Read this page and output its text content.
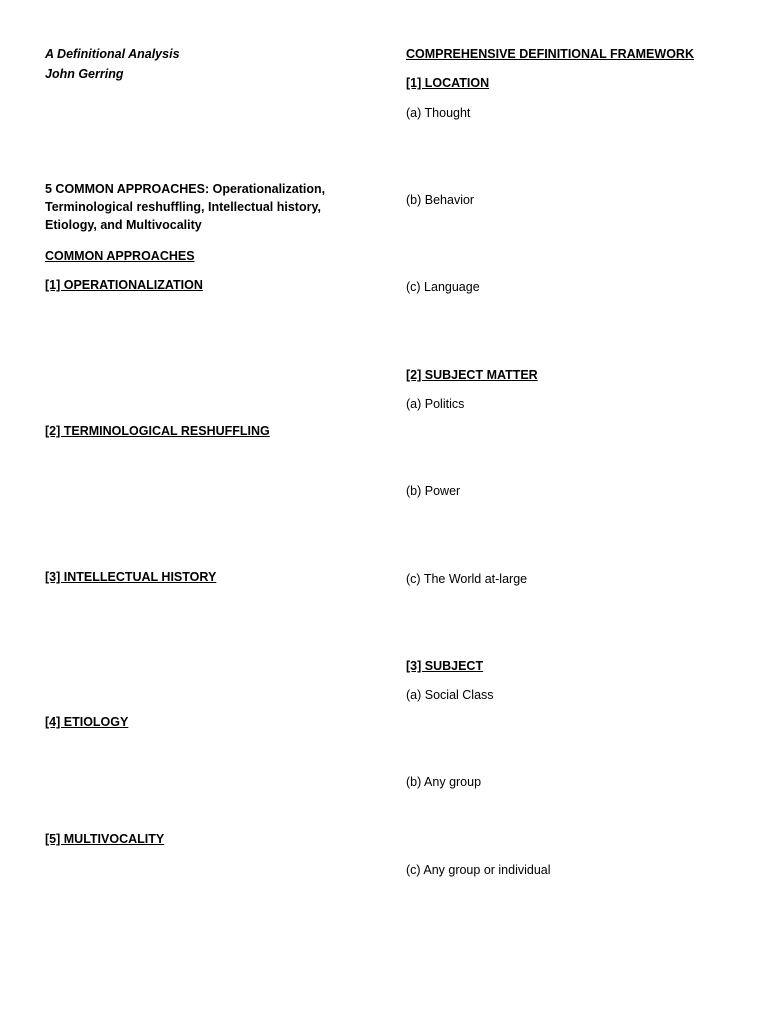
A Definitional Analysis

John Gerring

5 COMMON APPROACHES: Operationalization, Terminological reshuffling, Intellectual history, Etiology, and Multivocality

COMMON APPROACHES

[1] OPERATIONALIZATION

[2] TERMINOLOGICAL RESHUFFLING

[3] INTELLECTUAL HISTORY

[4] ETIOLOGY

[5] MULTIVOCALITY

COMPREHENSIVE DEFINITIONAL FRAMEWORK

[1] LOCATION

(a) Thought

(b) Behavior

(c) Language

[2] SUBJECT MATTER

(a) Politics

(b) Power

(c) The World at-large

[3] SUBJECT

(a) Social Class

(b) Any group

(c) Any group or individual
